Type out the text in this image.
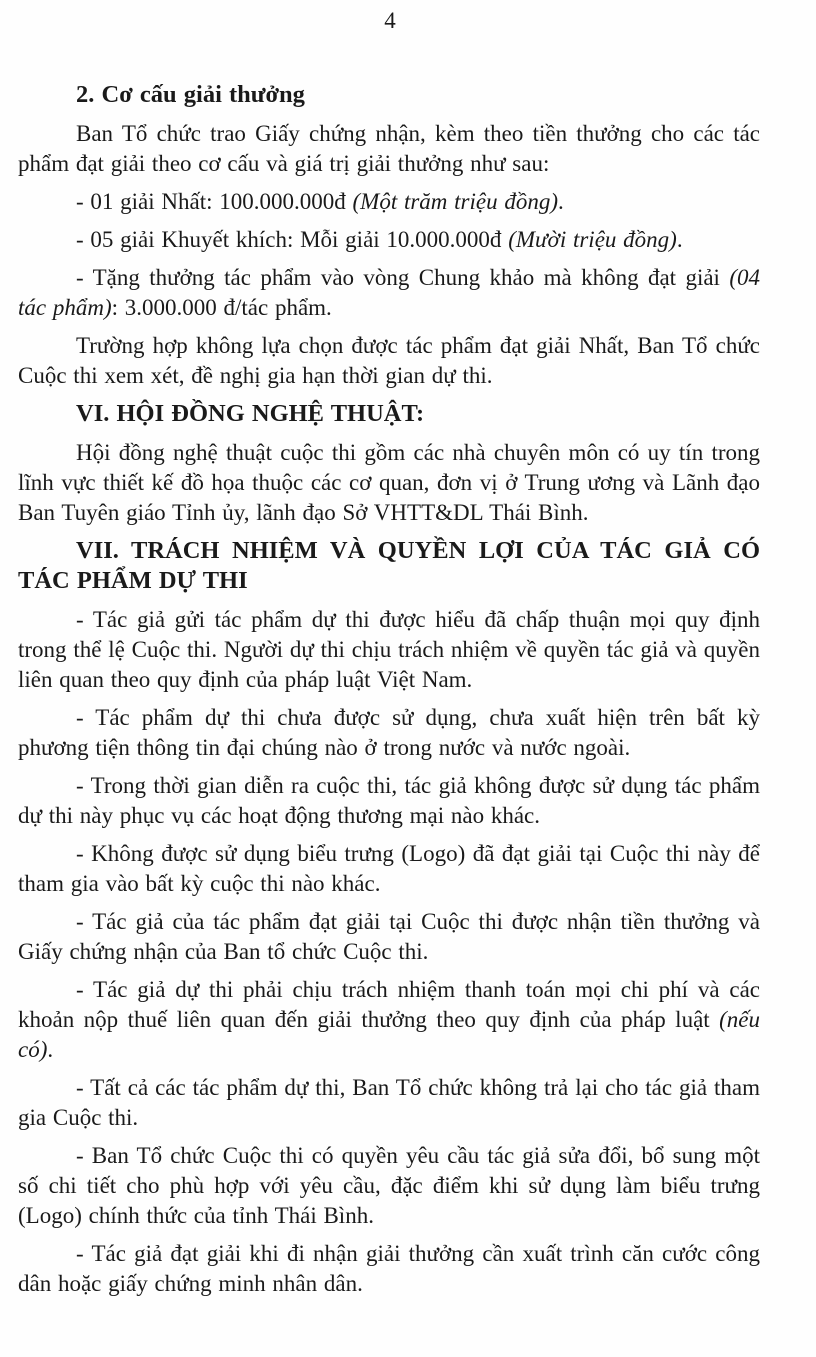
4
2. Cơ cấu giải thưởng

Ban Tổ chức trao Giấy chứng nhận, kèm theo tiền thưởng cho các tác phẩm đạt giải theo cơ cấu và giá trị giải thưởng như sau:

- 01 giải Nhất: 100.000.000đ (Một trăm triệu đồng).

- 05 giải Khuyết khích: Mỗi giải 10.000.000đ (Mười triệu đồng).

- Tặng thưởng tác phẩm vào vòng Chung khảo mà không đạt giải (04 tác phẩm): 3.000.000 đ/tác phẩm.

Trường hợp không lựa chọn được tác phẩm đạt giải Nhất, Ban Tổ chức Cuộc thi xem xét, đề nghị gia hạn thời gian dự thi.

VI. HỘI ĐỒNG NGHỆ THUẬT:

Hội đồng nghệ thuật cuộc thi gồm các nhà chuyên môn có uy tín trong lĩnh vực thiết kế đồ họa thuộc các cơ quan, đơn vị ở Trung ương và Lãnh đạo Ban Tuyên giáo Tỉnh ủy, lãnh đạo Sở VHTT&DL Thái Bình.

VII. TRÁCH NHIỆM VÀ QUYỀN LỢI CỦA TÁC GIẢ CÓ TÁC PHẨM DỰ THI

- Tác giả gửi tác phẩm dự thi được hiểu đã chấp thuận mọi quy định trong thể lệ Cuộc thi. Người dự thi chịu trách nhiệm về quyền tác giả và quyền liên quan theo quy định của pháp luật Việt Nam.

- Tác phẩm dự thi chưa được sử dụng, chưa xuất hiện trên bất kỳ phương tiện thông tin đại chúng nào ở trong nước và nước ngoài.

- Trong thời gian diễn ra cuộc thi, tác giả không được sử dụng tác phẩm dự thi này phục vụ các hoạt động thương mại nào khác.

- Không được sử dụng biểu trưng (Logo) đã đạt giải tại Cuộc thi này để tham gia vào bất kỳ cuộc thi nào khác.

- Tác giả của tác phẩm đạt giải tại Cuộc thi được nhận tiền thưởng và Giấy chứng nhận của Ban tổ chức Cuộc thi.

- Tác giả dự thi phải chịu trách nhiệm thanh toán mọi chi phí và các khoản nộp thuế liên quan đến giải thưởng theo quy định của pháp luật (nếu có).

- Tất cả các tác phẩm dự thi, Ban Tổ chức không trả lại cho tác giả tham gia Cuộc thi.

- Ban Tổ chức Cuộc thi có quyền yêu cầu tác giả sửa đổi, bổ sung một số chi tiết cho phù hợp với yêu cầu, đặc điểm khi sử dụng làm biểu trưng (Logo) chính thức của tỉnh Thái Bình.

- Tác giả đạt giải khi đi nhận giải thưởng cần xuất trình căn cước công dân hoặc giấy chứng minh nhân dân.
